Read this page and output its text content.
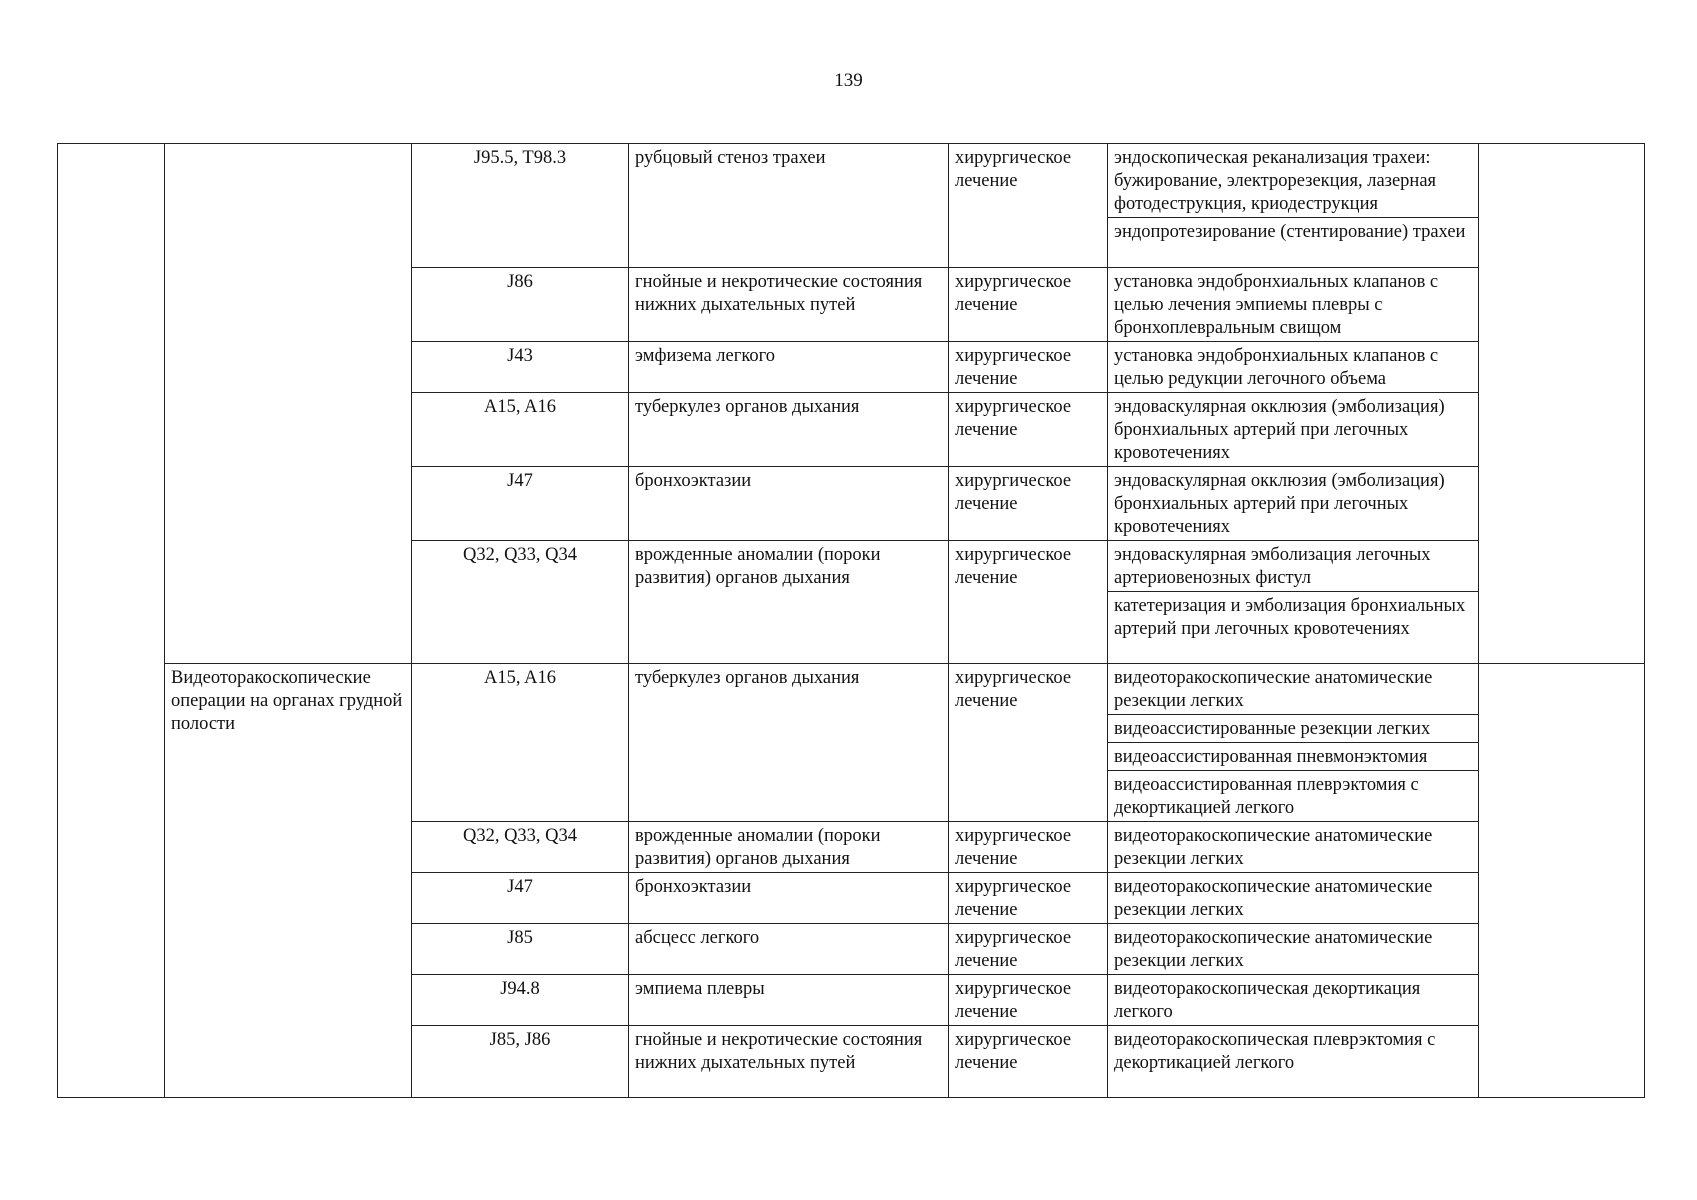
139
		J95.5, T98.3	рубцовый стеноз трахеи	хирургическое лечение	эндоскопическая реканализация трахеи: бужирование, электрорезекция, лазерная фотодеструкция, криодеструкция	
					эндопротезирование (стентирование) трахеи	
		J86	гнойные и некротические состояния нижних дыхательных путей	хирургическое лечение	установка эндобронхиальных клапанов с целью лечения эмпиемы плевры с бронхоплевральным свищом	
		J43	эмфизема легкого	хирургическое лечение	установка эндобронхиальных клапанов с целью редукции легочного объема	
		A15, A16	туберкулез органов дыхания	хирургическое лечение	эндоваскулярная окклюзия (эмболизация) бронхиальных артерий при легочных кровотечениях	
		J47	бронхоэктазии	хирургическое лечение	эндоваскулярная окклюзия (эмболизация) бронхиальных артерий при легочных кровотечениях	
		Q32, Q33, Q34	врожденные аномалии (пороки развития) органов дыхания	хирургическое лечение	эндоваскулярная эмболизация легочных артериовенозных фистул	
					катетеризация и эмболизация бронхиальных артерий при легочных кровотечениях	
	Видеоторакоскопические операции на органах грудной полости	A15, A16	туберкулез органов дыхания	хирургическое лечение	видеоторакоскопические анатомические резекции легких	
					видеоассистированные резекции легких	
					видеоассистированная пневмонэктомия	
					видеоассистированная плеврэктомия с декортикацией легкого	
		Q32, Q33, Q34	врожденные аномалии (пороки развития) органов дыхания	хирургическое лечение	видеоторакоскопические анатомические резекции легких	
		J47	бронхоэктазии	хирургическое лечение	видеоторакоскопические анатомические резекции легких	
		J85	абсцесс легкого	хирургическое лечение	видеоторакоскопические анатомические резекции легких	
		J94.8	эмпиема плевры	хирургическое лечение	видеоторакоскопическая декортикация легкого	
		J85, J86	гнойные и некротические состояния нижних дыхательных путей	хирургическое лечение	видеоторакоскопическая плеврэктомия с декортикацией легкого	
